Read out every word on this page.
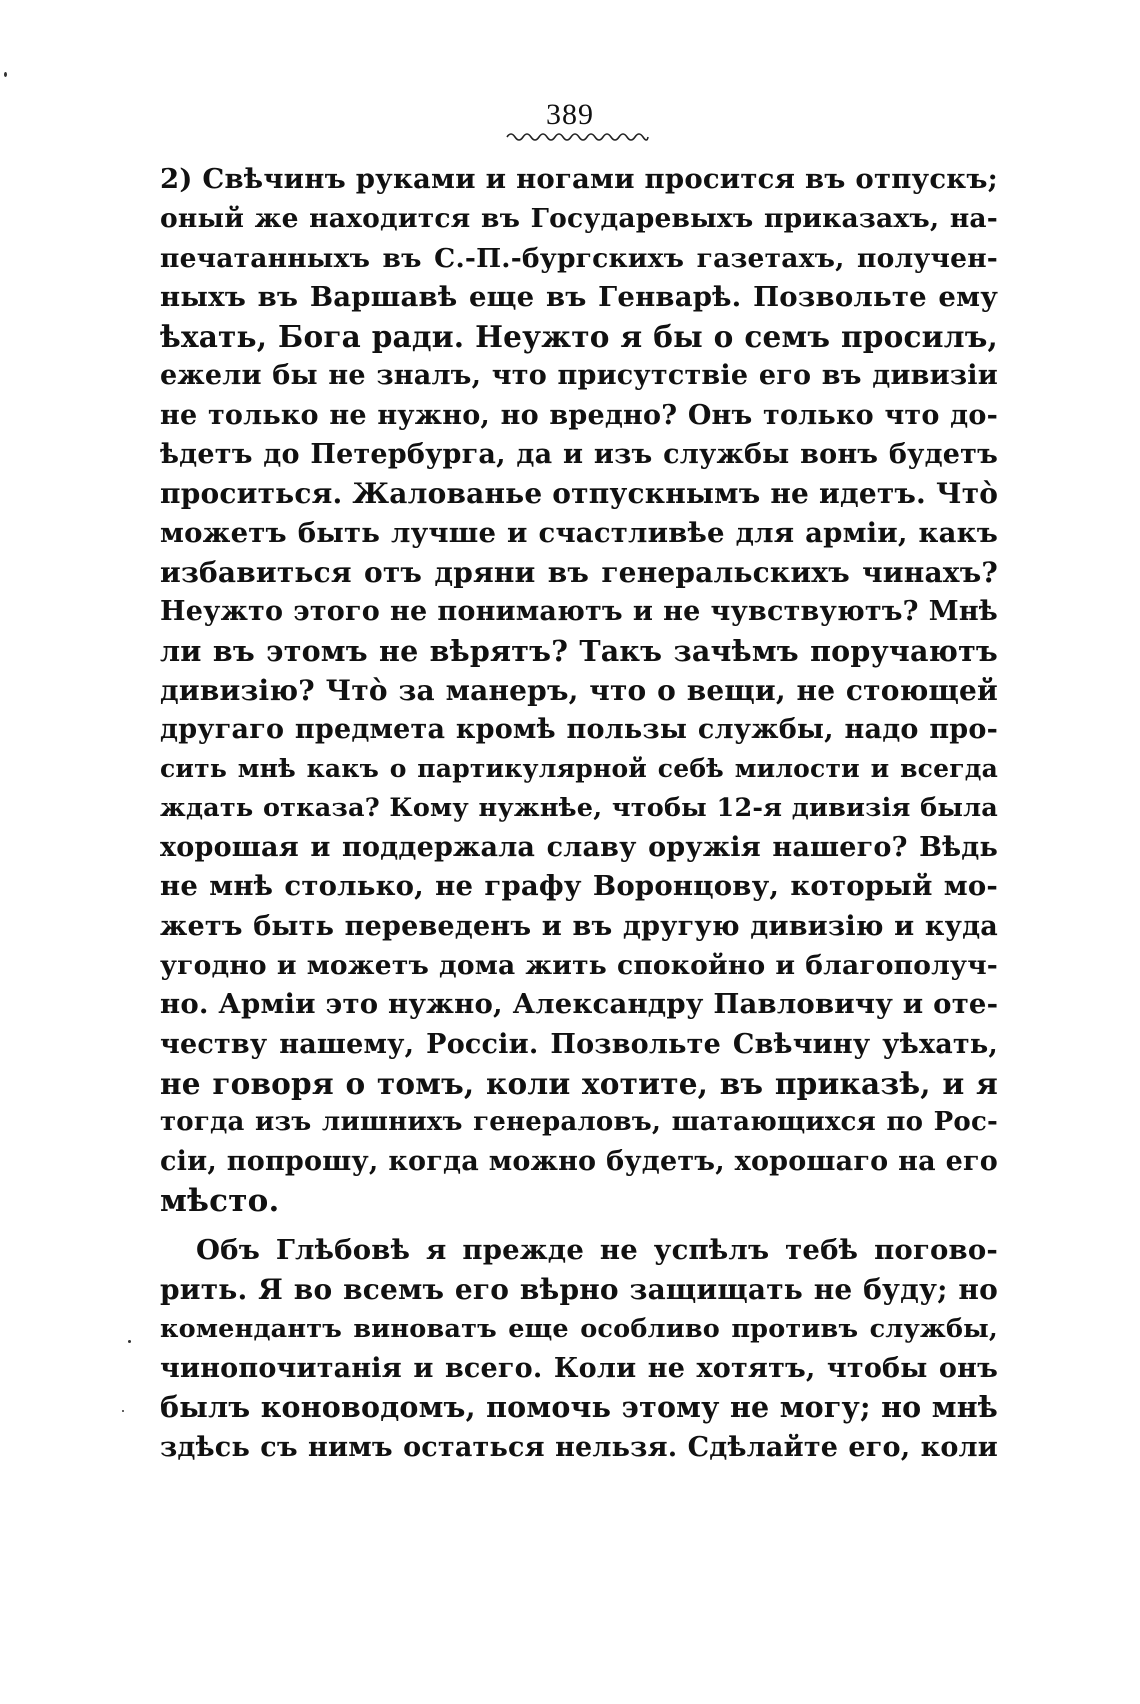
389
2) Свѣчинъ руками и ногами просится въ отпускъ;
оный же находится въ Государевыхъ приказахъ, на-
печатанныхъ въ С.-П.-бургскихъ газетахъ, получен-
ныхъ въ Варшавѣ еще въ Генварѣ. Позвольте ему
ѣхать, Бога ради. Неужто я бы о семъ просилъ,
ежели бы не зналъ, что присутствіе его въ дивизіи
не только не нужно, но вредно? Онъ только что до-
ѣдетъ до Петербурга, да и изъ службы вонъ будетъ
проситься. Жалованье отпускнымъ не идетъ. Что̀
можетъ быть лучше и счастливѣе для арміи, какъ
избавиться отъ дряни въ генеральскихъ чинахъ?
Неужто этого не понимаютъ и не чувствуютъ? Мнѣ
ли въ этомъ не вѣрятъ? Такъ зачѣмъ поручаютъ
дивизію? Что̀ за манеръ, что о вещи, не стоющей
другаго предмета кромѣ пользы службы, надо про-
сить мнѣ какъ о партикулярной себѣ милости и всегда
ждать отказа? Кому нужнѣе, чтобы 12-я дивизія была
хорошая и поддержала славу оружія нашего? Вѣдь
не мнѣ столько, не графу Воронцову, который мо-
жетъ быть переведенъ и въ другую дивизію и куда
угодно и можетъ дома жить спокойно и благополуч-
но. Арміи это нужно, Александру Павловичу и оте-
честву нашему, Россіи. Позвольте Свѣчину уѣхать,
не говоря о томъ, коли хотите, въ приказѣ, и я
тогда изъ лишнихъ генераловъ, шатающихся по Рос-
сіи, попрошу, когда можно будетъ, хорошаго на его
мѣсто.
Объ Глѣбовѣ я прежде не успѣлъ тебѣ погово-
рить. Я во всемъ его вѣрно защищать не буду; но
комендантъ виноватъ еще особливо противъ службы,
чинопочитанія и всего. Коли не хотятъ, чтобы онъ
былъ коноводомъ, помочь этому не могу; но мнѣ
здѣсь съ нимъ остаться нельзя. Сдѣлайте его, коли
